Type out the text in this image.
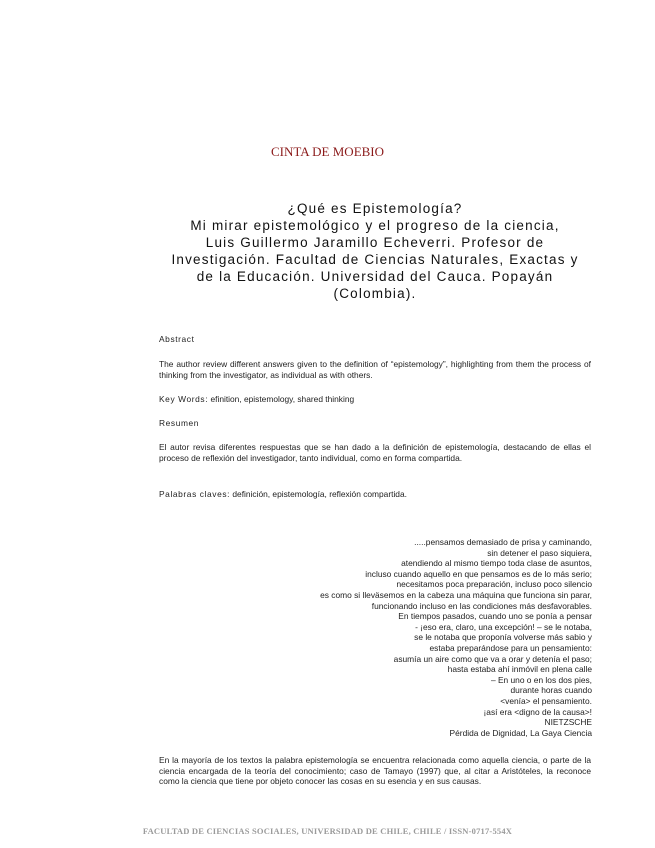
CINTA DE MOEBIO
¿Qué es Epistemología?
Mi mirar epistemológico y el progreso de la ciencia,
Luis Guillermo Jaramillo Echeverri. Profesor de
Investigación. Facultad de Ciencias Naturales, Exactas y
de la Educación. Universidad del Cauca. Popayán
(Colombia).
Abstract
The author review different answers given to the definition of “epistemology”, highlighting from them the process of thinking from the investigator, as individual as with others.
Key Words: efinition, epistemology, shared thinking
Resumen
El autor revisa diferentes respuestas que se han dado a la definición de epistemología, destacando de ellas el proceso de reflexión del investigador, tanto individual, como en forma compartida.
Palabras claves: definición, epistemología, reflexión compartida.
.....pensamos demasiado de prisa y caminando,
sin detener el paso siquiera,
atendiendo al mismo tiempo toda clase de asuntos,
incluso cuando aquello en que pensamos es de lo más serio;
necesitamos poca preparación, incluso poco silencio
es como si lleväsemos en la cabeza una máquina que funciona sin parar,
funcionando incluso en las condiciones más desfavorables.
En tiempos pasados, cuando uno se ponía a pensar
- ¡eso era, claro, una excepción! – se le notaba,
se le notaba que proponía volverse más sabio y
estaba preparándose para un pensamiento:
asumía un aire como que va a orar y detenía el paso;
hasta estaba ahí inmóvil en plena calle
– En uno o en los dos pies,
durante horas cuando
<venía> el pensamiento.
¡así era <digno de la causa>!
NIETZSCHE
Pérdida de Dignidad, La Gaya Ciencia
En la mayoría de los textos la palabra epistemología se encuentra relacionada como aquella ciencia, o parte de la ciencia encargada de la teoría del conocimiento; caso de Tamayo (1997) que, al citar a Aristóteles, la reconoce como la ciencia que tiene por objeto conocer las cosas en su esencia y en sus causas.
FACULTAD DE CIENCIAS SOCIALES, UNIVERSIDAD DE CHILE, CHILE / ISSN-0717-554X
